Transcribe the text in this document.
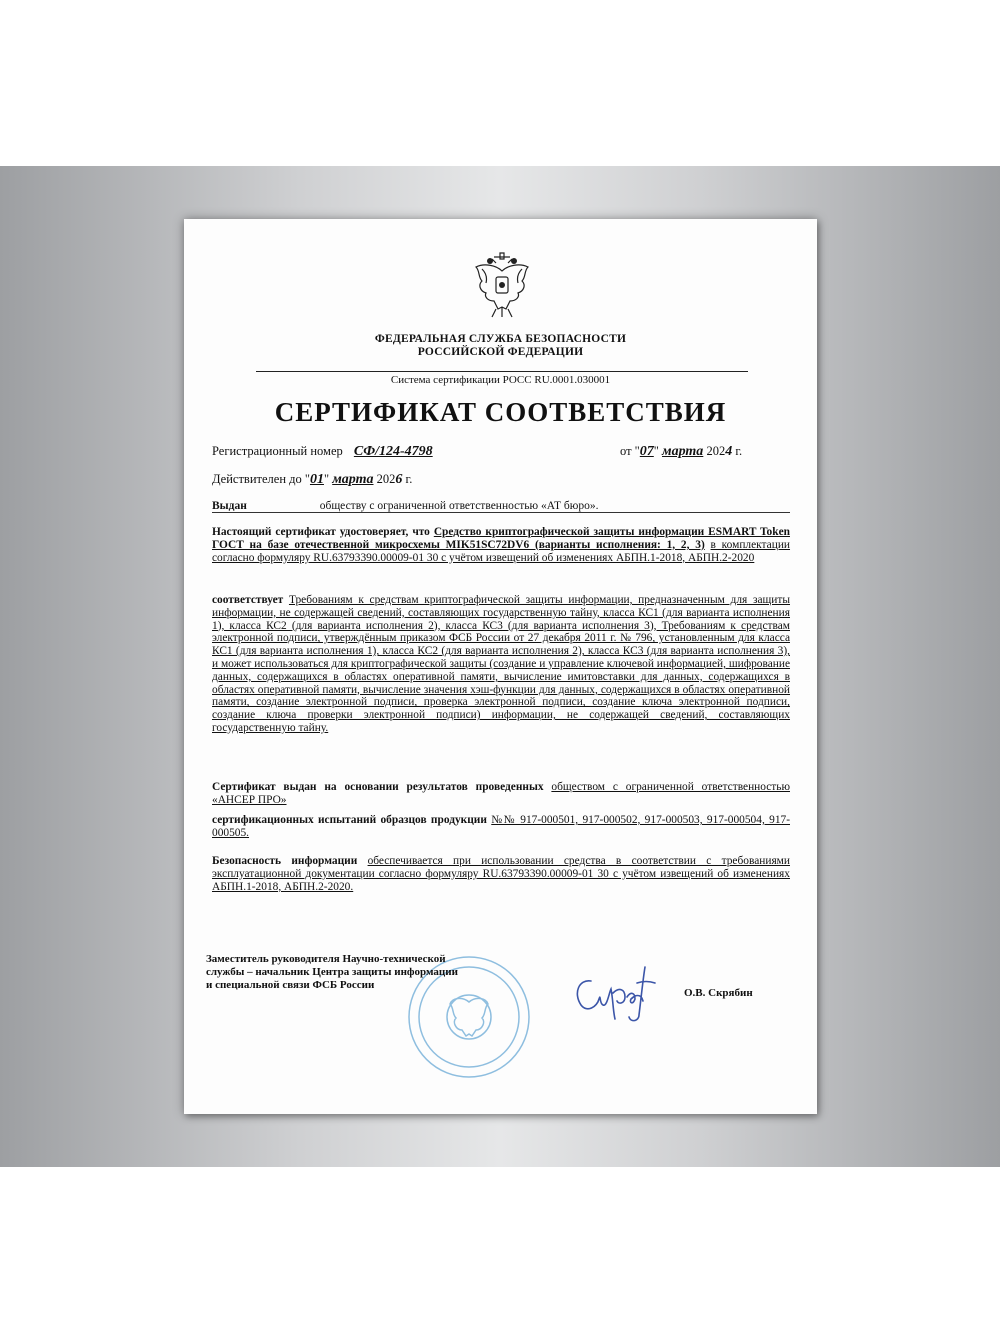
ФЕДЕРАЛЬНАЯ СЛУЖБА БЕЗОПАСНОСТИ
РОССИЙСКОЙ ФЕДЕРАЦИИ
Система сертификации РОСС RU.0001.030001
СЕРТИФИКАТ СООТВЕТСТВИЯ
Регистрационный номер СФ/124-4798	от "07" марта 2024 г.
Действителен до "01" марта 2026 г.
Выдан	обществу с ограниченной ответственностью «АТ бюро».
Настоящий сертификат удостоверяет, что Средство криптографической защиты информации ESMART Token ГОСТ на базе отечественной микросхемы MIK51SC72DV6 (варианты исполнения: 1, 2, 3) в комплектации согласно формуляру RU.63793390.00009-01 30 с учётом извещений об изменениях АБПН.1-2018, АБПН.2-2020
соответствует Требованиям к средствам криптографической защиты информации, предназначенным для защиты информации, не содержащей сведений, составляющих государственную тайну, класса КС1 (для варианта исполнения 1), класса КС2 (для варианта исполнения 2), класса КС3 (для варианта исполнения 3), Требованиям к средствам электронной подписи, утверждённым приказом ФСБ России от 27 декабря 2011 г. № 796, установленным для класса КС1 (для варианта исполнения 1), класса КС2 (для варианта исполнения 2), класса КС3 (для варианта исполнения 3), и может использоваться для криптографической защиты (создание и управление ключевой информацией, шифрование данных, содержащихся в областях оперативной памяти, вычисление имитовставки для данных, содержащихся в областях оперативной памяти, вычисление значения хэш-функции для данных, содержащихся в областях оперативной памяти, создание электронной подписи, проверка электронной подписи, создание ключа электронной подписи, создание ключа проверки электронной подписи) информации, не содержащей сведений, составляющих государственную тайну.
Сертификат выдан на основании результатов проведенных обществом с ограниченной ответственностью «АНСЕР ПРО»
сертификационных испытаний образцов продукции №№ 917-000501, 917-000502, 917-000503, 917-000504, 917-000505.
Безопасность информации обеспечивается при использовании средства в соответствии с требованиями эксплуатационной документации согласно формуляру RU.63793390.00009-01 30 с учётом извещений об изменениях АБПН.1-2018, АБПН.2-2020.
Заместитель руководителя Научно-технической
службы – начальник Центра защиты информации
и специальной связи ФСБ России
О.В. Скрябин
